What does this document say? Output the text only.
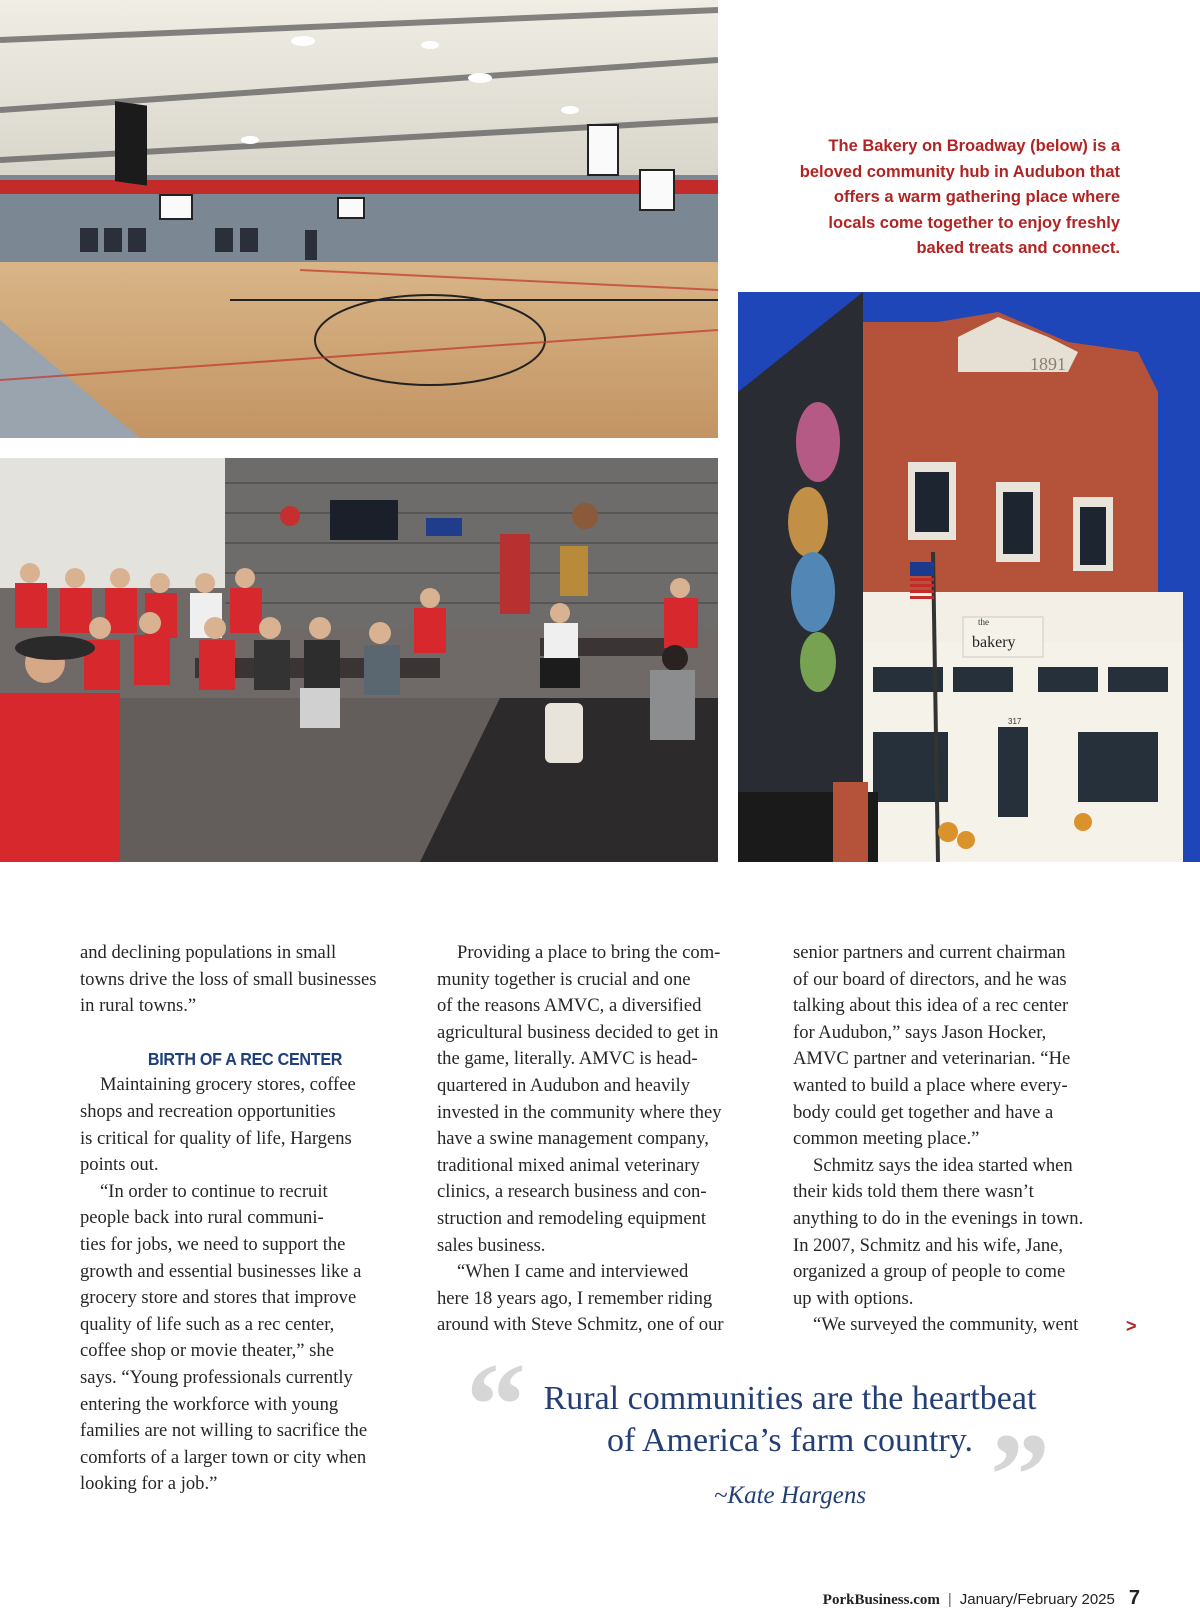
1891
the
bakery
317
The Bakery on Broadway (below) is a beloved community hub in Audubon that offers a warm gathering place where locals come together to enjoy freshly baked treats and connect.

and declining populations in small
towns drive the loss of small businesses
in rural towns.”

BIRTH OF A REC CENTER

Maintaining grocery stores, coffee
shops and recreation opportunities
is critical for quality of life, Hargens
points out.

“In order to continue to recruit
people back into rural communi-
ties for jobs, we need to support the
growth and essential businesses like a
grocery store and stores that improve
quality of life such as a rec center,
coffee shop or movie theater,” she
says. “Young professionals currently
entering the workforce with young
families are not willing to sacrifice the
comforts of a larger town or city when
looking for a job.”

Providing a place to bring the com-
munity together is crucial and one
of the reasons AMVC, a diversified
agricultural business decided to get in
the game, literally. AMVC is head-
quartered in Audubon and heavily
invested in the community where they
have a swine management company,
traditional mixed animal veterinary
clinics, a research business and con-
struction and remodeling equipment
sales business.

“When I came and interviewed
here 18 years ago, I remember riding
around with Steve Schmitz, one of our

senior partners and current chairman
of our board of directors, and he was
talking about this idea of a rec center
for Audubon,” says Jason Hocker,
AMVC partner and veterinarian. “He
wanted to build a place where every-
body could get together and have a
common meeting place.”

Schmitz says the idea started when
their kids told them there wasn’t
anything to do in the evenings in town.
In 2007, Schmitz and his wife, Jane,
organized a group of people to come
up with options.

“We surveyed the community, went	>
“ Rural communities are the heartbeat
of America’s farm country.
~Kate Hargens	”
PorkBusiness.com | January/February 2025 7
